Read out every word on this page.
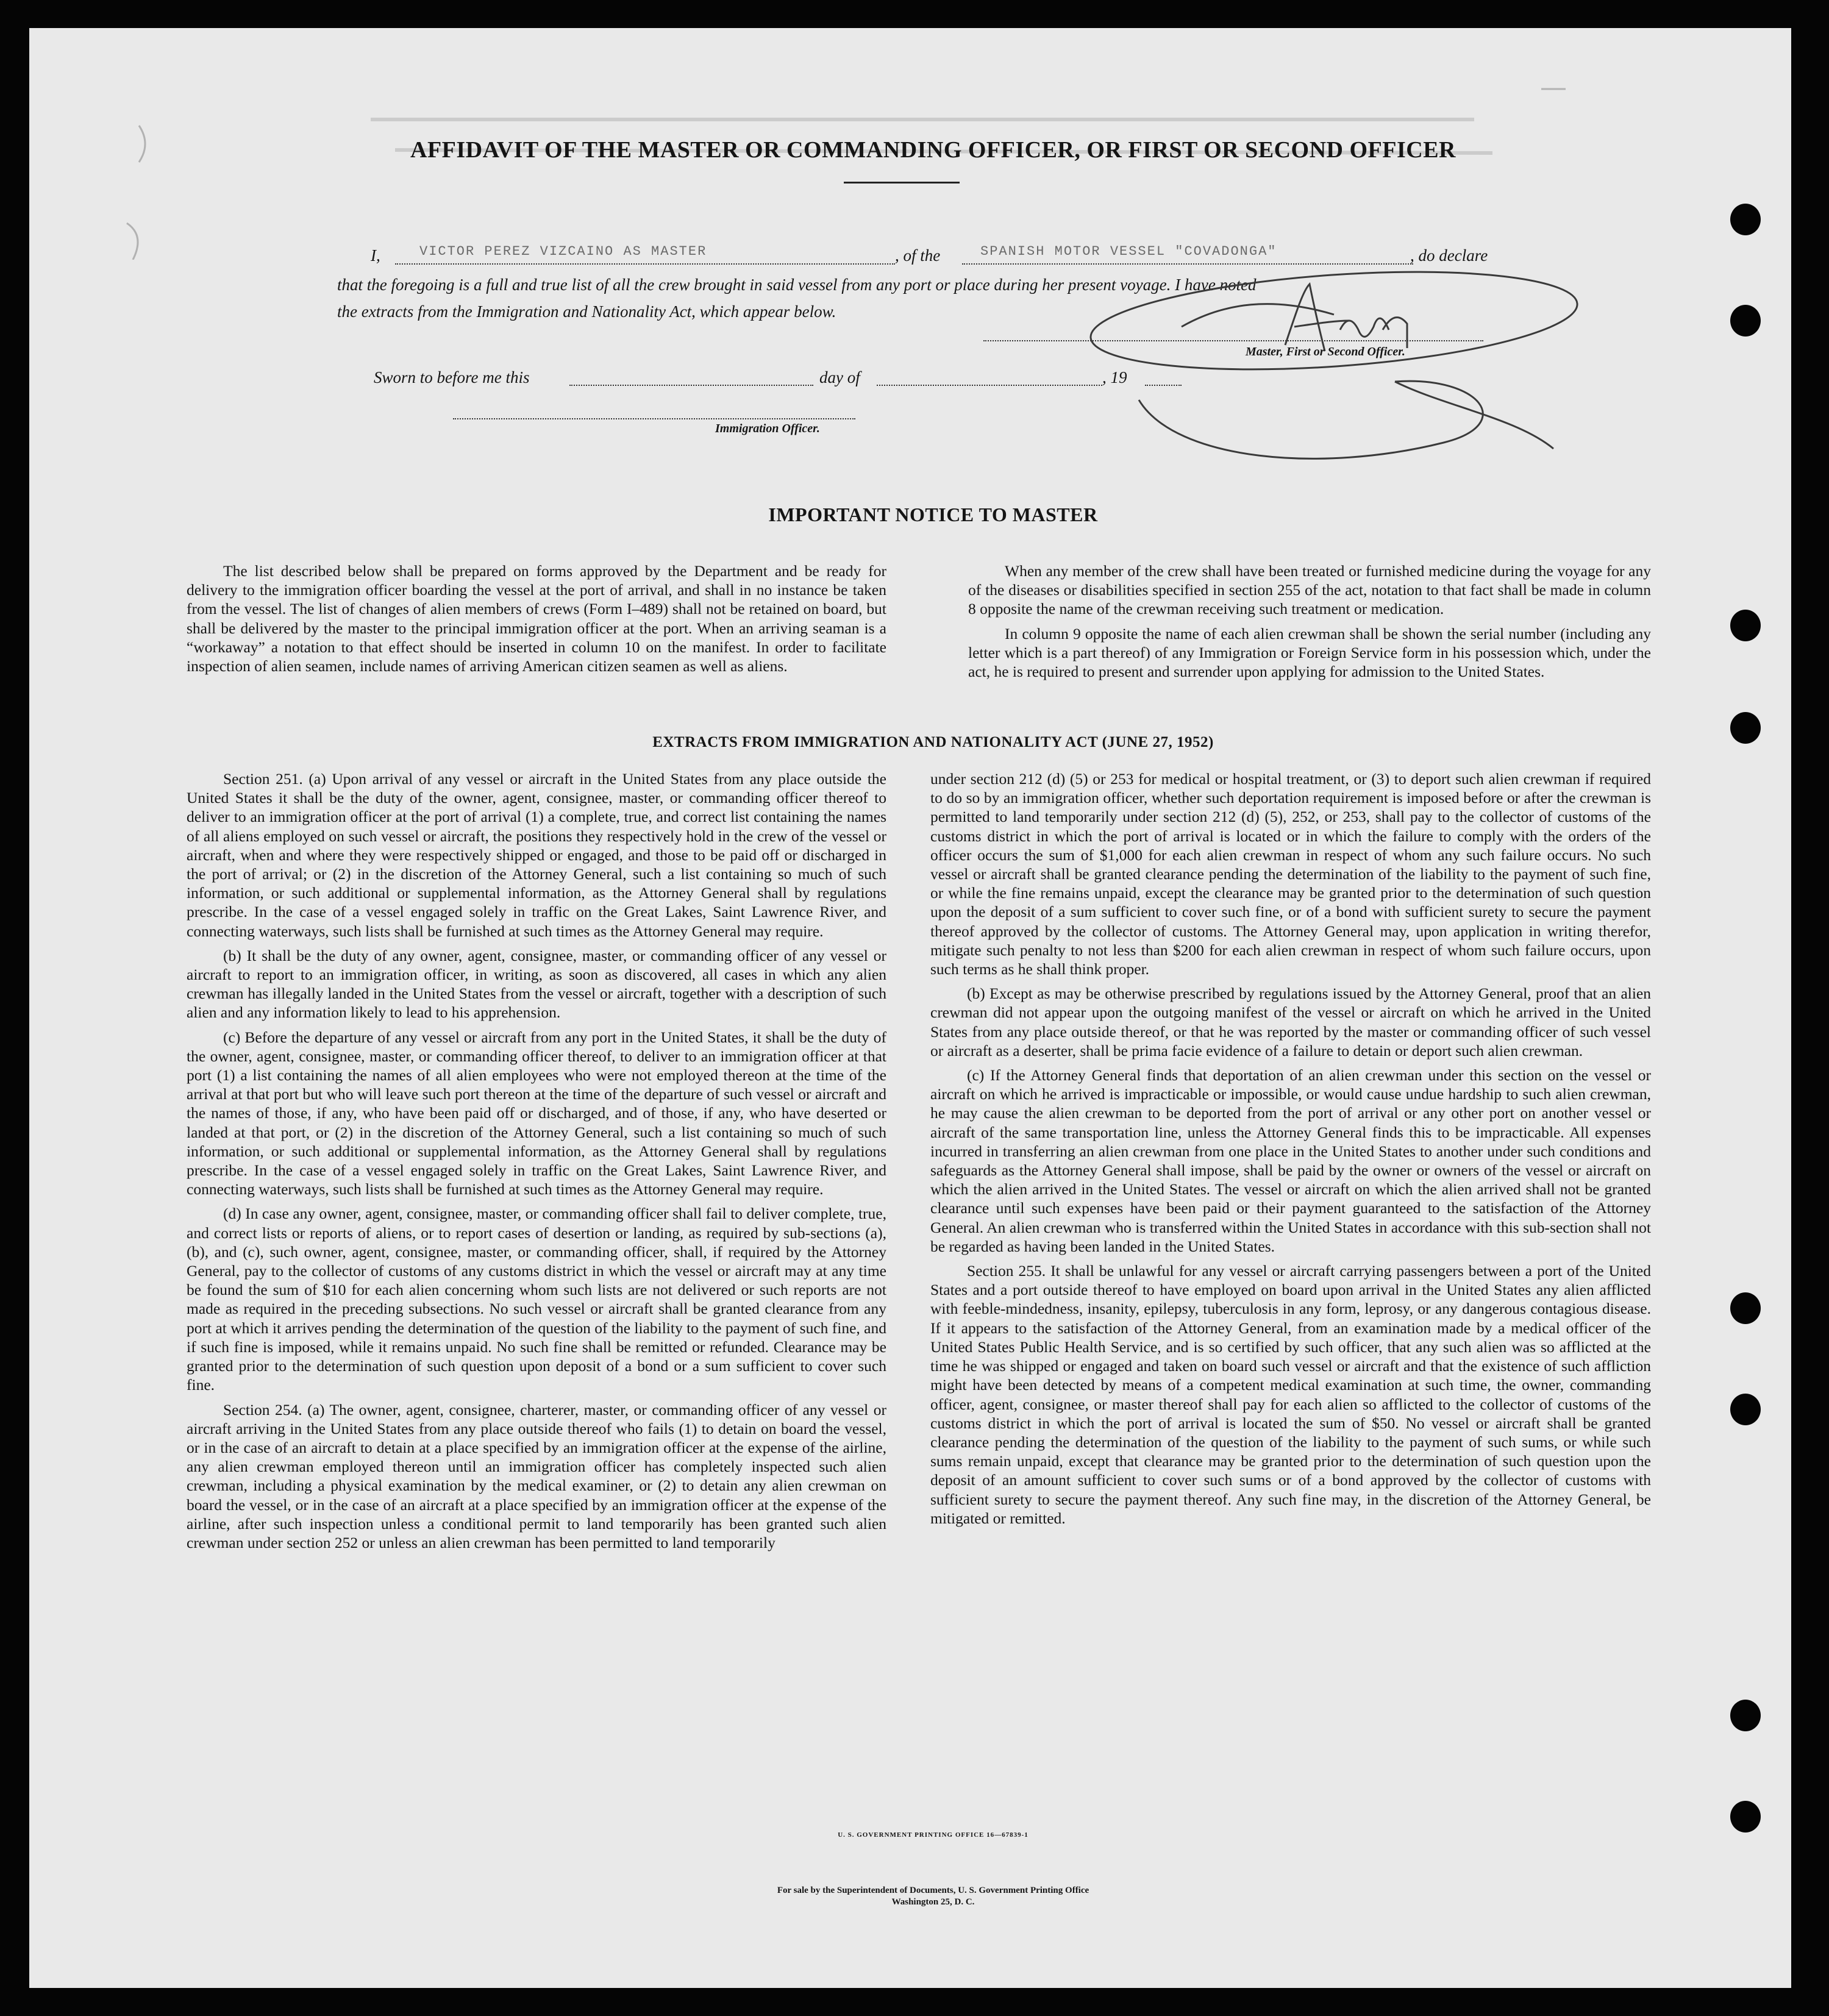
AFFIDAVIT OF THE MASTER OR COMMANDING OFFICER, OR FIRST OR SECOND OFFICER
I,	VICTOR PEREZ VIZCAINO AS MASTER	, of the	SPANISH MOTOR VESSEL "COVADONGA"	, do declare
that the foregoing is a full and true list of all the crew brought in said vessel from any port or place during her present voyage. I have noted
the extracts from the Immigration and Nationality Act, which appear below.
Master, First or Second Officer.
Sworn to before me this	day of	, 19
Immigration Officer.
IMPORTANT NOTICE TO MASTER

The list described below shall be prepared on forms approved by the Department and be ready for delivery to the immigration officer boarding the vessel at the port of arrival, and shall in no instance be taken from the vessel. The list of changes of alien members of crews (Form I–489) shall not be retained on board, but shall be delivered by the master to the principal immigration officer at the port. When an arriving seaman is a “workaway” a notation to that effect should be inserted in column 10 on the manifest. In order to facilitate inspection of alien seamen, include names of arriving American citizen seamen as well as aliens.

When any member of the crew shall have been treated or furnished medicine during the voyage for any of the diseases or disabilities specified in section 255 of the act, notation to that fact shall be made in column 8 opposite the name of the crewman receiving such treatment or medication.

In column 9 opposite the name of each alien crewman shall be shown the serial number (including any letter which is a part thereof) of any Immigration or Foreign Service form in his possession which, under the act, he is required to present and surrender upon applying for admission to the United States.

EXTRACTS FROM IMMIGRATION AND NATIONALITY ACT (JUNE 27, 1952)

Section 251. (a) Upon arrival of any vessel or aircraft in the United States from any place outside the United States it shall be the duty of the owner, agent, consignee, master, or commanding officer thereof to deliver to an immigration officer at the port of arrival (1) a complete, true, and correct list containing the names of all aliens employed on such vessel or aircraft, the positions they respectively hold in the crew of the vessel or aircraft, when and where they were respectively shipped or engaged, and those to be paid off or discharged in the port of arrival; or (2) in the discretion of the Attorney General, such a list containing so much of such information, or such additional or supplemental information, as the Attorney General shall by regulations prescribe. In the case of a vessel engaged solely in traffic on the Great Lakes, Saint Lawrence River, and connecting waterways, such lists shall be furnished at such times as the Attorney General may require.

(b) It shall be the duty of any owner, agent, consignee, master, or commanding officer of any vessel or aircraft to report to an immigration officer, in writing, as soon as discovered, all cases in which any alien crewman has illegally landed in the United States from the vessel or aircraft, together with a description of such alien and any information likely to lead to his apprehension.

(c) Before the departure of any vessel or aircraft from any port in the United States, it shall be the duty of the owner, agent, consignee, master, or commanding officer thereof, to deliver to an immigration officer at that port (1) a list containing the names of all alien employees who were not employed thereon at the time of the arrival at that port but who will leave such port thereon at the time of the departure of such vessel or aircraft and the names of those, if any, who have been paid off or discharged, and of those, if any, who have deserted or landed at that port, or (2) in the discretion of the Attorney General, such a list containing so much of such information, or such additional or supplemental information, as the Attorney General shall by regulations prescribe. In the case of a vessel engaged solely in traffic on the Great Lakes, Saint Lawrence River, and connecting waterways, such lists shall be furnished at such times as the Attorney General may require.

(d) In case any owner, agent, consignee, master, or commanding officer shall fail to deliver complete, true, and correct lists or reports of aliens, or to report cases of desertion or landing, as required by sub-sections (a), (b), and (c), such owner, agent, consignee, master, or commanding officer, shall, if required by the Attorney General, pay to the collector of customs of any customs district in which the vessel or aircraft may at any time be found the sum of $10 for each alien concerning whom such lists are not delivered or such reports are not made as required in the preceding subsections. No such vessel or aircraft shall be granted clearance from any port at which it arrives pending the determination of the question of the liability to the payment of such fine, and if such fine is imposed, while it remains unpaid. No such fine shall be remitted or refunded. Clearance may be granted prior to the determination of such question upon deposit of a bond or a sum sufficient to cover such fine.

Section 254. (a) The owner, agent, consignee, charterer, master, or commanding officer of any vessel or aircraft arriving in the United States from any place outside thereof who fails (1) to detain on board the vessel, or in the case of an aircraft to detain at a place specified by an immigration officer at the expense of the airline, any alien crewman employed thereon until an immigration officer has completely inspected such alien crewman, including a physical examination by the medical examiner, or (2) to detain any alien crewman on board the vessel, or in the case of an aircraft at a place specified by an immigration officer at the expense of the airline, after such inspection unless a conditional permit to land temporarily has been granted such alien crewman under section 252 or unless an alien crewman has been permitted to land temporarily

under section 212 (d) (5) or 253 for medical or hospital treatment, or (3) to deport such alien crewman if required to do so by an immigration officer, whether such deportation requirement is imposed before or after the crewman is permitted to land temporarily under section 212 (d) (5), 252, or 253, shall pay to the collector of customs of the customs district in which the port of arrival is located or in which the failure to comply with the orders of the officer occurs the sum of $1,000 for each alien crewman in respect of whom any such failure occurs. No such vessel or aircraft shall be granted clearance pending the determination of the liability to the payment of such fine, or while the fine remains unpaid, except the clearance may be granted prior to the determination of such question upon the deposit of a sum sufficient to cover such fine, or of a bond with sufficient surety to secure the payment thereof approved by the collector of customs. The Attorney General may, upon application in writing therefor, mitigate such penalty to not less than $200 for each alien crewman in respect of whom such failure occurs, upon such terms as he shall think proper.

(b) Except as may be otherwise prescribed by regulations issued by the Attorney General, proof that an alien crewman did not appear upon the outgoing manifest of the vessel or aircraft on which he arrived in the United States from any place outside thereof, or that he was reported by the master or commanding officer of such vessel or aircraft as a deserter, shall be prima facie evidence of a failure to detain or deport such alien crewman.

(c) If the Attorney General finds that deportation of an alien crewman under this section on the vessel or aircraft on which he arrived is impracticable or impossible, or would cause undue hardship to such alien crewman, he may cause the alien crewman to be deported from the port of arrival or any other port on another vessel or aircraft of the same transportation line, unless the Attorney General finds this to be impracticable. All expenses incurred in transferring an alien crewman from one place in the United States to another under such conditions and safeguards as the Attorney General shall impose, shall be paid by the owner or owners of the vessel or aircraft on which the alien arrived in the United States. The vessel or aircraft on which the alien arrived shall not be granted clearance until such expenses have been paid or their payment guaranteed to the satisfaction of the Attorney General. An alien crewman who is transferred within the United States in accordance with this sub-section shall not be regarded as having been landed in the United States.

Section 255. It shall be unlawful for any vessel or aircraft carrying passengers between a port of the United States and a port outside thereof to have employed on board upon arrival in the United States any alien afflicted with feeble-mindedness, insanity, epilepsy, tuberculosis in any form, leprosy, or any dangerous contagious disease. If it appears to the satisfaction of the Attorney General, from an examination made by a medical officer of the United States Public Health Service, and is so certified by such officer, that any such alien was so afflicted at the time he was shipped or engaged and taken on board such vessel or aircraft and that the existence of such affliction might have been detected by means of a competent medical examination at such time, the owner, commanding officer, agent, consignee, or master thereof shall pay for each alien so afflicted to the collector of customs of the customs district in which the port of arrival is located the sum of $50. No vessel or aircraft shall be granted clearance pending the determination of the question of the liability to the payment of such sums, or while such sums remain unpaid, except that clearance may be granted prior to the determination of such question upon the deposit of an amount sufficient to cover such sums or of a bond approved by the collector of customs with sufficient surety to secure the payment thereof. Any such fine may, in the discretion of the Attorney General, be mitigated or remitted.

U. S. GOVERNMENT PRINTING OFFICE 16—67839-1
For sale by the Superintendent of Documents, U. S. Government Printing Office
Washington 25, D. C.
